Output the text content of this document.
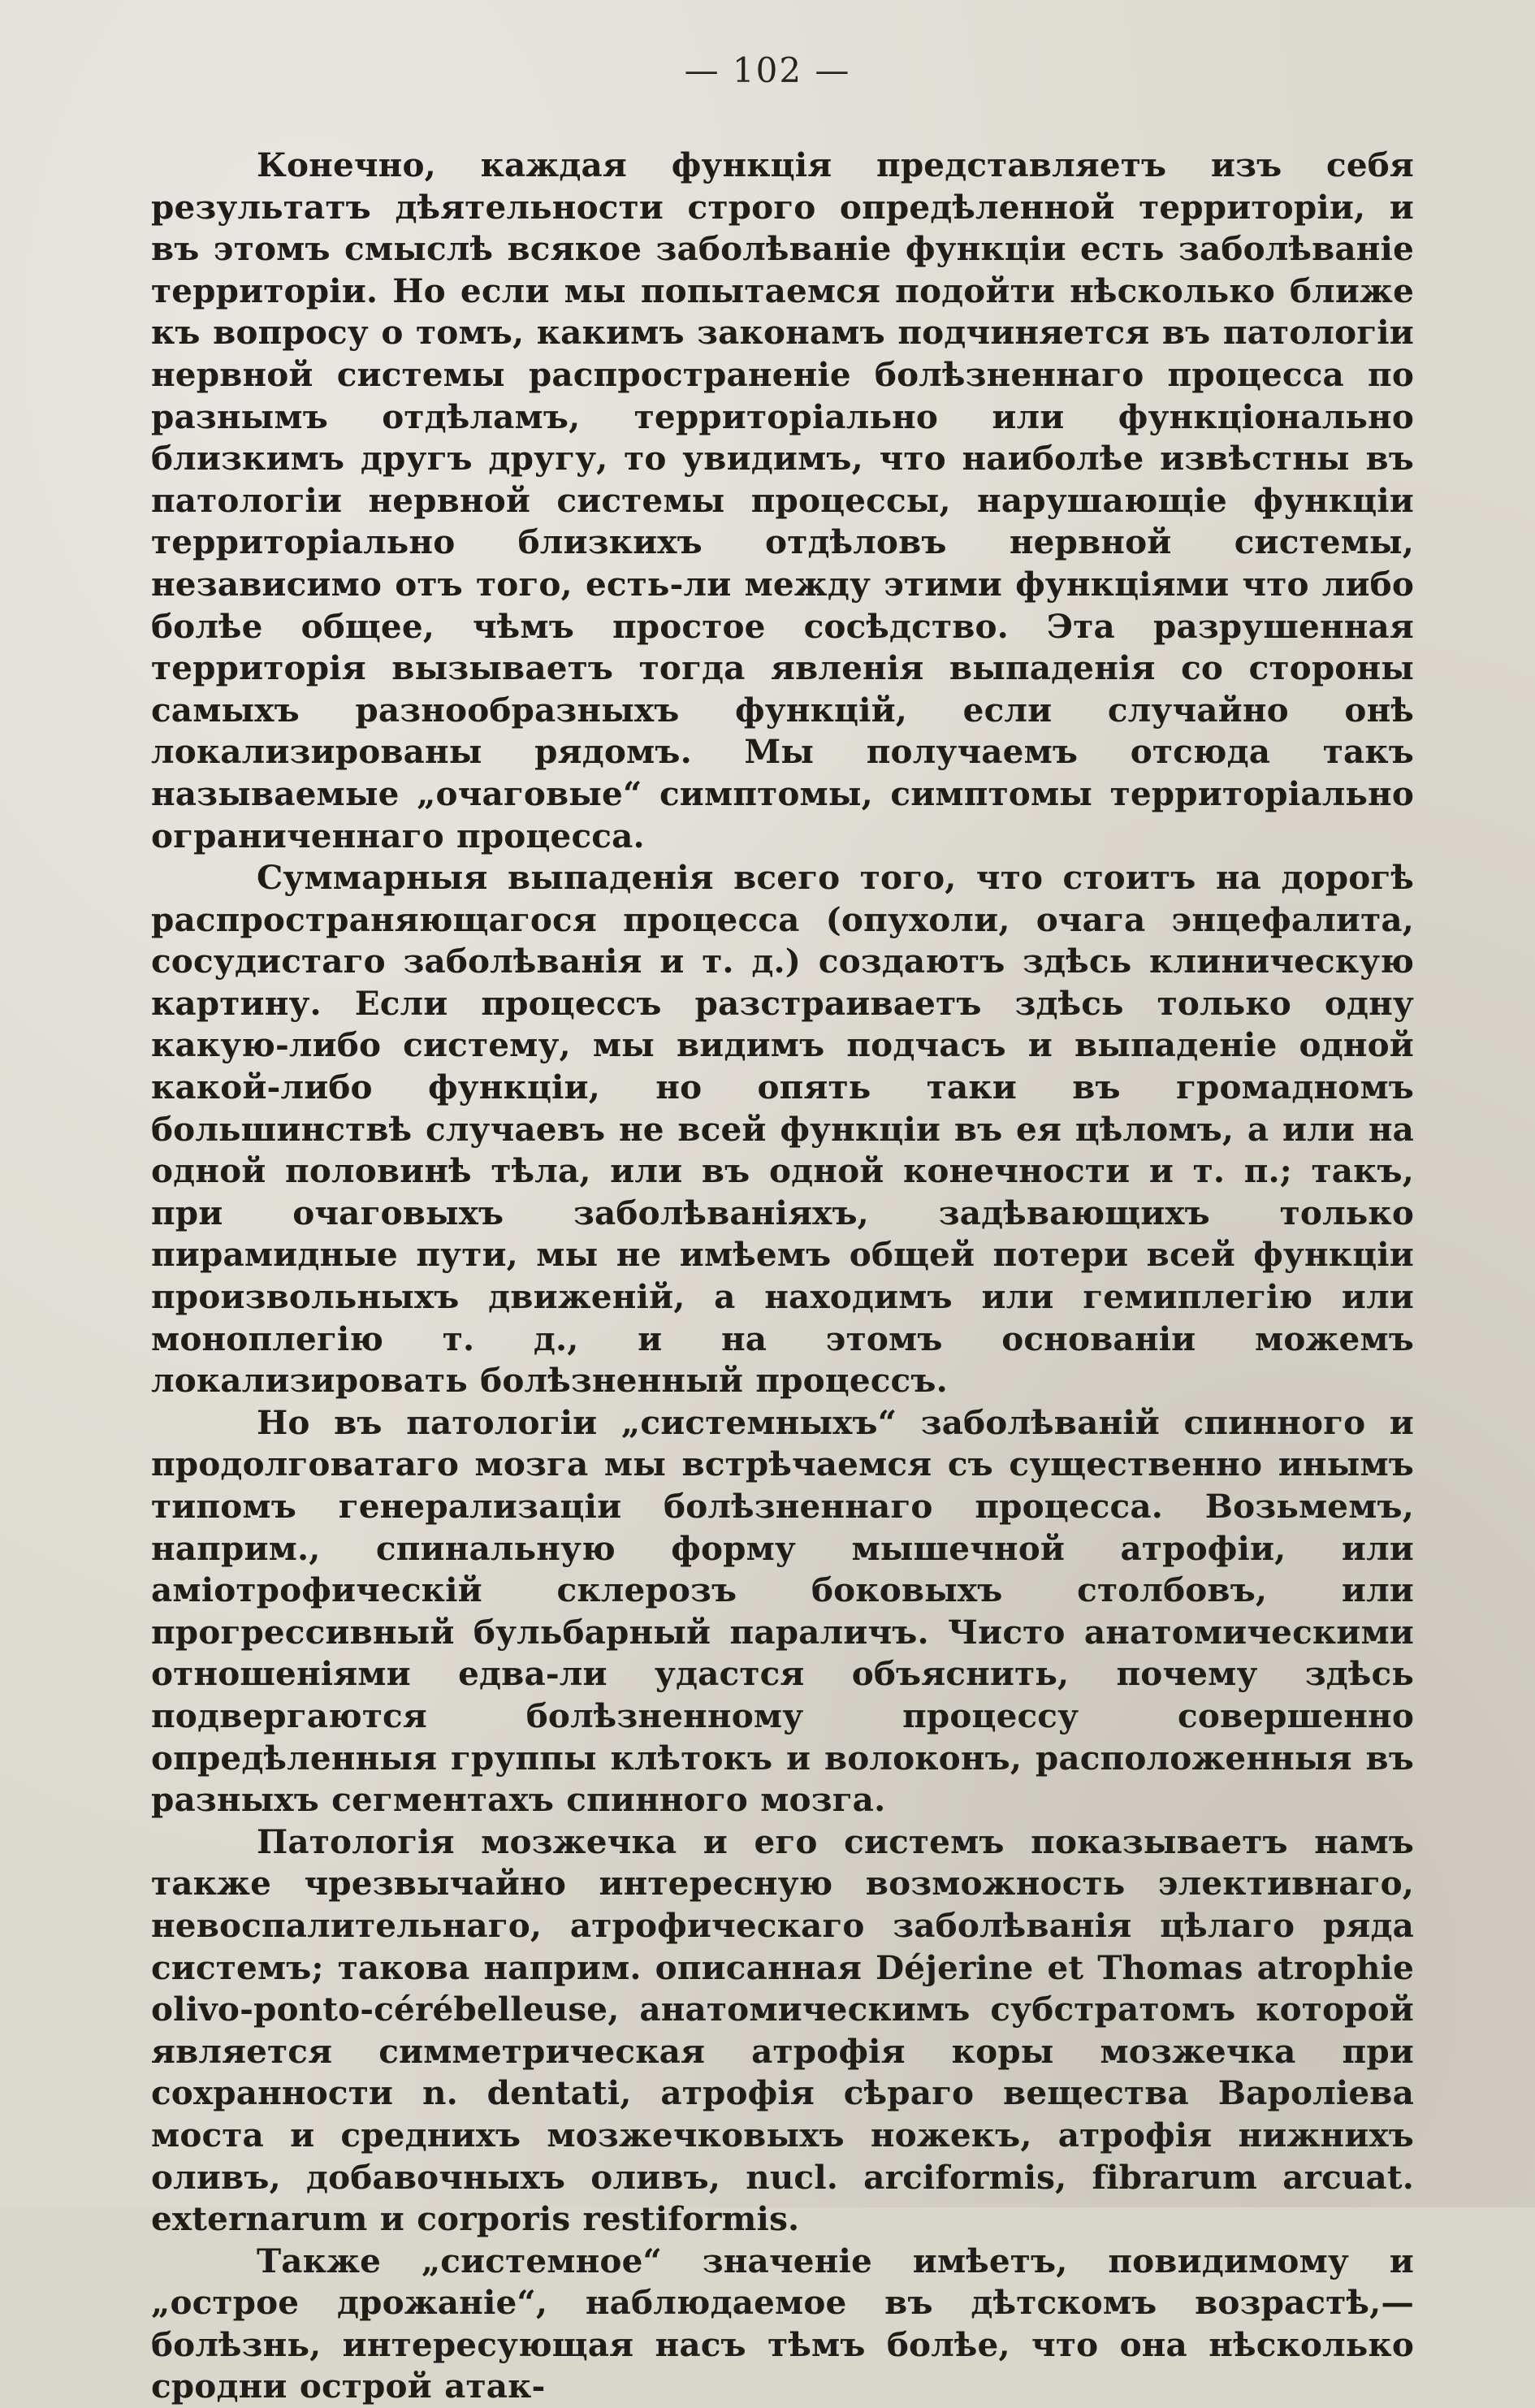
— 102 —

Конечно, каждая функція представляетъ изъ себя результатъ дѣятельности строго опредѣленной территоріи, и въ этомъ смыслѣ всякое заболѣваніе функціи есть заболѣваніе территоріи. Но если мы попытаемся подойти нѣсколько ближе къ вопросу о томъ, какимъ законамъ подчиняется въ патологіи нервной системы распространеніе болѣзненнаго процесса по разнымъ отдѣламъ, территоріально или функціонально близкимъ другъ другу, то увидимъ, что наиболѣе извѣстны въ патологіи нервной системы процессы, нарушающіе функціи территоріально близкихъ отдѣловъ нервной системы, независимо отъ того, есть-ли между этими функціями что либо болѣе общее, чѣмъ простое сосѣдство. Эта разрушенная территорія вызываетъ тогда явленія выпаденія со стороны самыхъ разнообразныхъ функцій, если случайно онѣ локализированы рядомъ. Мы получаемъ отсюда такъ называемые „очаговые“ симптомы, симптомы территоріально ограниченнаго процесса.

Суммарныя выпаденія всего того, что стоитъ на дорогѣ распространяющагося процесса (опухоли, очага энцефалита, сосудистаго заболѣванія и т. д.) создаютъ здѣсь клиническую картину. Если процессъ разстраиваетъ здѣсь только одну какую-либо систему, мы видимъ подчасъ и выпаденіе одной какой-либо функціи, но опять таки въ громадномъ большинствѣ случаевъ не всей функціи въ ея цѣломъ, а или на одной половинѣ тѣла, или въ одной конечности и т. п.; такъ, при очаговыхъ заболѣваніяхъ, задѣвающихъ только пирамидные пути, мы не имѣемъ общей потери всей функціи произвольныхъ движеній, а находимъ или гемиплегію или моноплегію т. д., и на этомъ основаніи можемъ локализировать болѣзненный процессъ.

Но въ патологіи „системныхъ“ заболѣваній спинного и продолговатаго мозга мы встрѣчаемся съ существенно инымъ типомъ генерализаціи болѣзненнаго процесса. Возьмемъ, наприм., спинальную форму мышечной атрофіи, или аміотрофическій склерозъ боковыхъ столбовъ, или прогрессивный бульбарный параличъ. Чисто анатомическими отношеніями едва-ли удастся объяснить, почему здѣсь подвергаются болѣзненному процессу совершенно опредѣленныя группы клѣтокъ и волоконъ, расположенныя въ разныхъ сегментахъ спинного мозга.

Патологія мозжечка и его системъ показываетъ намъ также чрезвычайно интересную возможность элективнаго, невоспалительнаго, атрофическаго заболѣванія цѣлаго ряда системъ; такова наприм. описанная Déjerine et Thomas atrophie olivo-ponto-cérébelleuse, анатомическимъ субстратомъ которой является симметрическая атрофія коры мозжечка при сохранности n. dentati, атрофія сѣраго вещества Вароліева моста и среднихъ мозжечковыхъ ножекъ, атрофія нижнихъ оливъ, добавочныхъ оливъ, nucl. arciformis, fibrarum arcuat. externarum и corporis restiformis.

Также „системное“ значеніе имѣетъ, повидимому и „острое дрожаніе“, наблюдаемое въ дѣтскомъ возрастѣ,—болѣзнь, интересующая насъ тѣмъ болѣе, что она нѣсколько сродни острой атак-
